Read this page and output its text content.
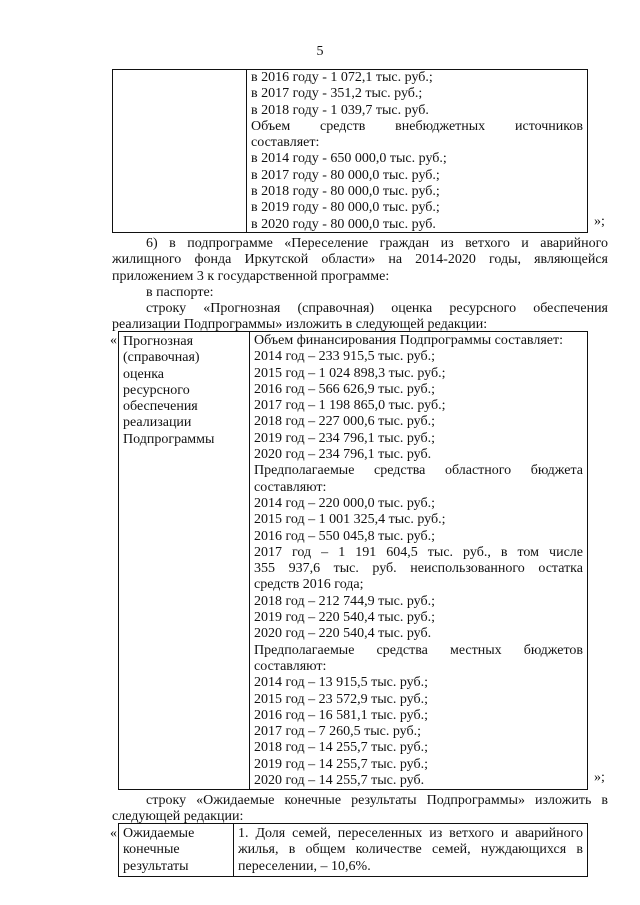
5
в 2016 году - 1 072,1 тыс. руб.;
в 2017 году - 351,2 тыс. руб.;
в 2018 году - 1 039,7 тыс. руб.
Объем средств внебюджетных источников
составляет:
в 2014 году - 650 000,0 тыс. руб.;
в 2017 году - 80 000,0 тыс. руб.;
в 2018 году - 80 000,0 тыс. руб.;
в 2019 году - 80 000,0 тыс. руб.;
в 2020 году - 80 000,0 тыс. руб.	»;
6) в подпрограмме «Переселение граждан из ветхого и аварийного
жилищного фонда Иркутской области» на 2014-2020 годы, являющейся
приложением 3 к государственной программе:
в паспорте:
строку «Прогнозная (справочная) оценка ресурсного обеспечения
реализации Подпрограммы» изложить в следующей редакции:
« Прогнозная
(справочная)
оценка
ресурсного
обеспечения
реализации
Подпрограммы
Объем финансирования Подпрограммы составляет:
2014 год – 233 915,5 тыс. руб.;
2015 год – 1 024 898,3 тыс. руб.;
2016 год – 566 626,9 тыс. руб.;
2017 год – 1 198 865,0 тыс. руб.;
2018 год – 227 000,6 тыс. руб.;
2019 год – 234 796,1 тыс. руб.;
2020 год – 234 796,1 тыс. руб.
Предполагаемые средства областного бюджета
составляют:
2014 год – 220 000,0 тыс. руб.;
2015 год – 1 001 325,4 тыс. руб.;
2016 год – 550 045,8 тыс. руб.;
2017 год – 1 191 604,5 тыс. руб., в том числе
355 937,6 тыс. руб. неиспользованного остатка
средств 2016 года;
2018 год – 212 744,9 тыс. руб.;
2019 год – 220 540,4 тыс. руб.;
2020 год – 220 540,4 тыс. руб.
Предполагаемые средства местных бюджетов
составляют:
2014 год – 13 915,5 тыс. руб.;
2015 год – 23 572,9 тыс. руб.;
2016 год – 16 581,1 тыс. руб.;
2017 год – 7 260,5 тыс. руб.;
2018 год – 14 255,7 тыс. руб.;
2019 год – 14 255,7 тыс. руб.;
2020 год – 14 255,7 тыс. руб.	»;
строку «Ожидаемые конечные результаты Подпрограммы» изложить в
следующей редакции:
« Ожидаемые
конечные
результаты
1. Доля семей, переселенных из ветхого и аварийного
жилья, в общем количестве семей, нуждающихся в
переселении, – 10,6%.
